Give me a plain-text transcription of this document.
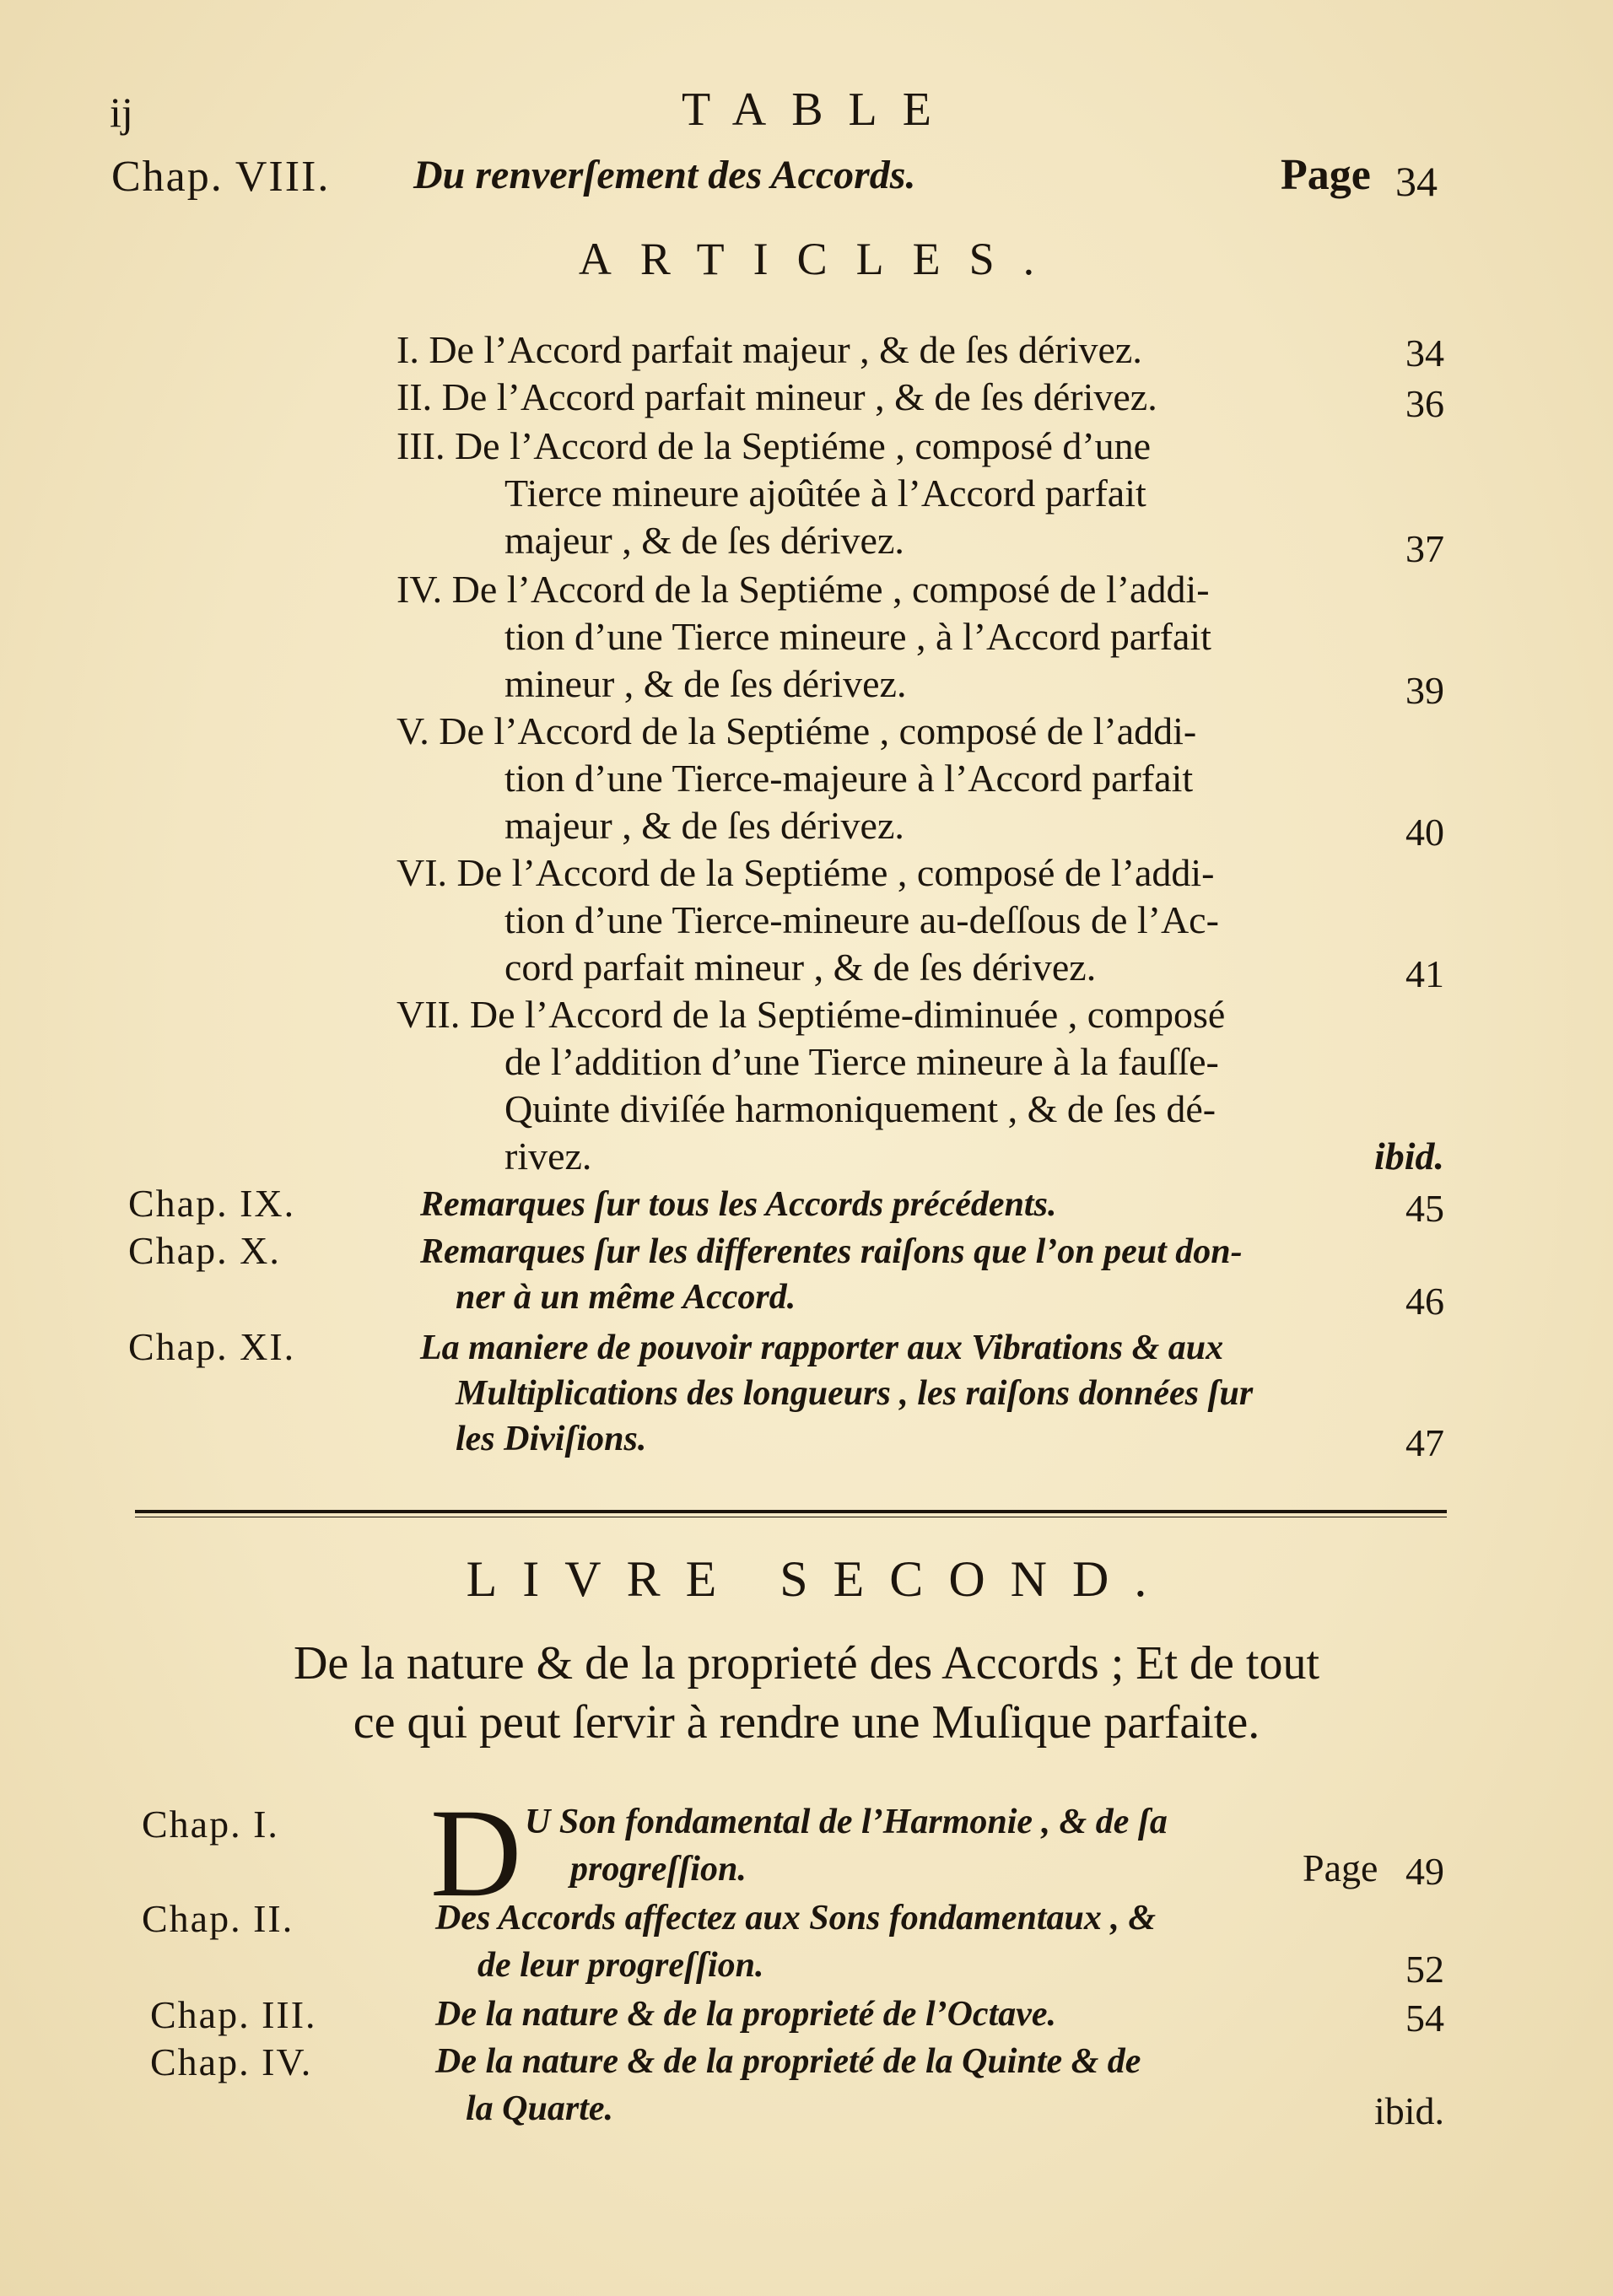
ij	TABLE
Chap. VIII. Du renverſement des Accords.	Page 34
ARTICLES.
I. De l’Accord parfait majeur , & de ſes dérivez.	34
II. De l’Accord parfait mineur , & de ſes dérivez.	36
III. De l’Accord de la Septiéme , composé d’une
Tierce mineure ajoûtée à l’Accord parfait
majeur , & de ſes dérivez.	37
IV. De l’Accord de la Septiéme , composé de l’addi-
tion d’une Tierce mineure , à l’Accord parfait
mineur , & de ſes dérivez.	39
V. De l’Accord de la Septiéme , composé de l’addi-
tion d’une Tierce-majeure à l’Accord parfait
majeur , & de ſes dérivez.	40
VI. De l’Accord de la Septiéme , composé de l’addi-
tion d’une Tierce-mineure au-deſſous de l’Ac-
cord parfait mineur , & de ſes dérivez.	41
VII. De l’Accord de la Septiéme-diminuée , composé
de l’addition d’une Tierce mineure à la fauſſe-
Quinte diviſée harmoniquement , & de ſes dé-
rivez.	ibid.
Chap. IX.	Remarques ſur tous les Accords précédents.	45
Chap. X.	Remarques ſur les differentes raiſons que l’on peut don-
ner à un même Accord.	46
Chap. XI.	La maniere de pouvoir rapporter aux Vibrations & aux
Multiplications des longueurs , les raiſons données ſur
les Diviſions.	47
LIVRE SECOND.
De la nature & de la proprieté des Accords ; Et de tout
ce qui peut ſervir à rendre une Muſique parfaite.
Chap. I. D U Son fondamental de l’Harmonie , & de ſa
progreſſion.	Page 49
Chap. II.	Des Accords affectez aux Sons fondamentaux , &
de leur progreſſion.	52
Chap. III.	De la nature & de la proprieté de l’Octave.	54
Chap. IV.	De la nature & de la proprieté de la Quinte & de
la Quarte.	ibid.
